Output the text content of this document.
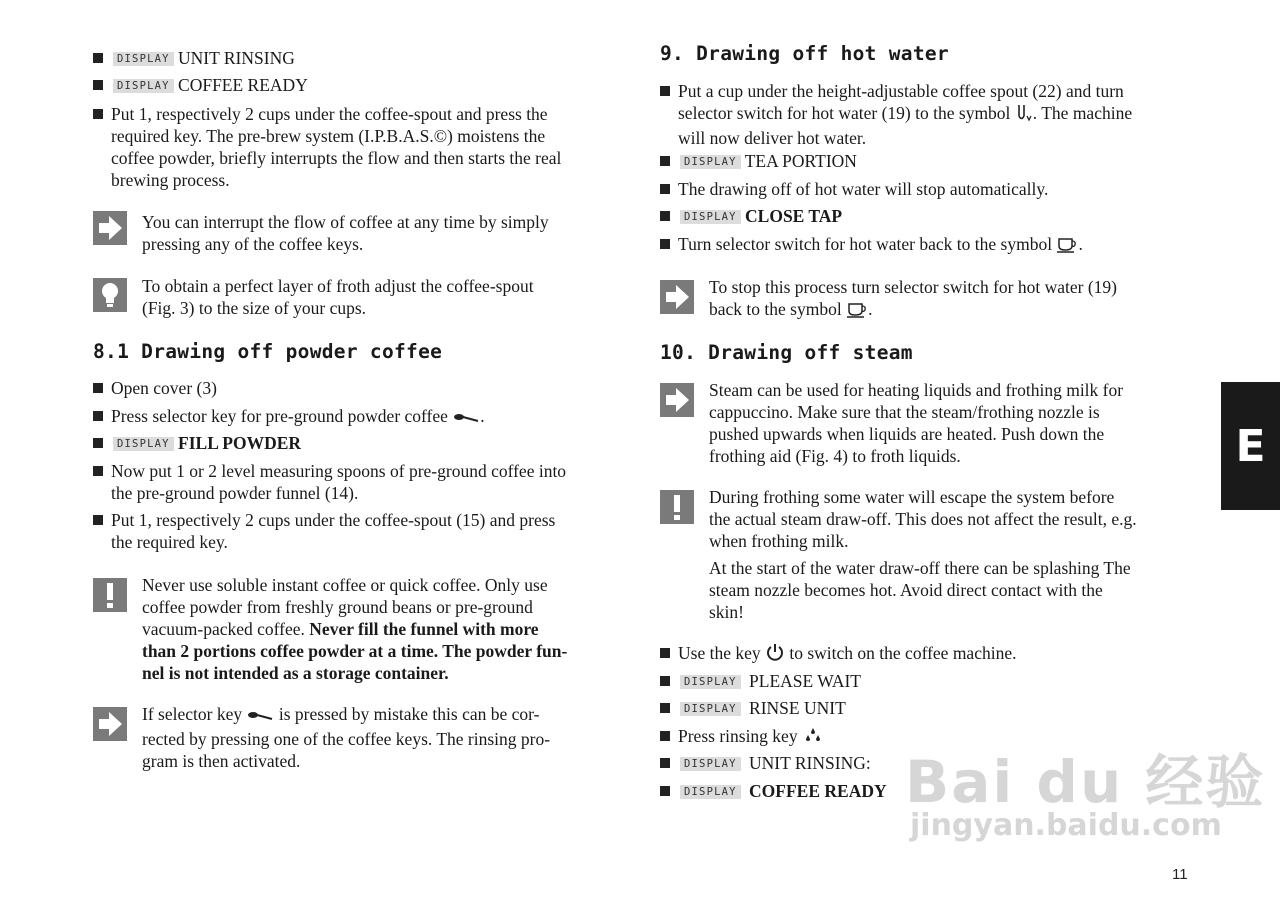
DISPLAY UNIT RINSING
DISPLAY COFFEE READY
Put 1, respectively 2 cups under the coffee-spout and press the
required key. The pre-brew system (I.P.B.A.S.©) moistens the
coffee powder, briefly interrupts the flow and then starts the real
brewing process.
You can interrupt the flow of coffee at any time by simply
pressing any of the coffee keys.
To obtain a perfect layer of froth adjust the coffee-spout
(Fig. 3) to the size of your cups.
8.1 Drawing off powder coffee
Open cover (3)
Press selector key for pre-ground powder coffee .
DISPLAY FILL POWDER
Now put 1 or 2 level measuring spoons of pre-ground coffee into
the pre-ground powder funnel (14).
Put 1, respectively 2 cups under the coffee-spout (15) and press
the required key.
Never use soluble instant coffee or quick coffee. Only use
coffee powder from freshly ground beans or pre-ground
vacuum-packed coffee. Never fill the funnel with more
than 2 portions coffee powder at a time. The powder fun-
nel is not intended as a storage container.
If selector key is pressed by mistake this can be cor-
rected by pressing one of the coffee keys. The rinsing pro-
gram is then activated.
9. Drawing off hot water
Put a cup under the height-adjustable coffee spout (22) and turn
selector switch for hot water (19) to the symbol . The machine
will now deliver hot water.
DISPLAY TEA PORTION
The drawing off of hot water will stop automatically.
DISPLAY CLOSE TAP
Turn selector switch for hot water back to the symbol .
To stop this process turn selector switch for hot water (19)
back to the symbol .
10. Drawing off steam
Steam can be used for heating liquids and frothing milk for
cappuccino. Make sure that the steam/frothing nozzle is
pushed upwards when liquids are heated. Push down the
frothing aid (Fig. 4) to froth liquids.
During frothing some water will escape the system before
the actual steam draw-off. This does not affect the result, e.g.
when frothing milk.
At the start of the water draw-off there can be splashing The
steam nozzle becomes hot. Avoid direct contact with the
skin!
Use the key to switch on the coffee machine.
DISPLAY PLEASE WAIT
DISPLAY RINSE UNIT
Press rinsing key
DISPLAY UNIT RINSING:
DISPLAY COFFEE READY
E
Bai du 经验
jingyan.baidu.com
11
